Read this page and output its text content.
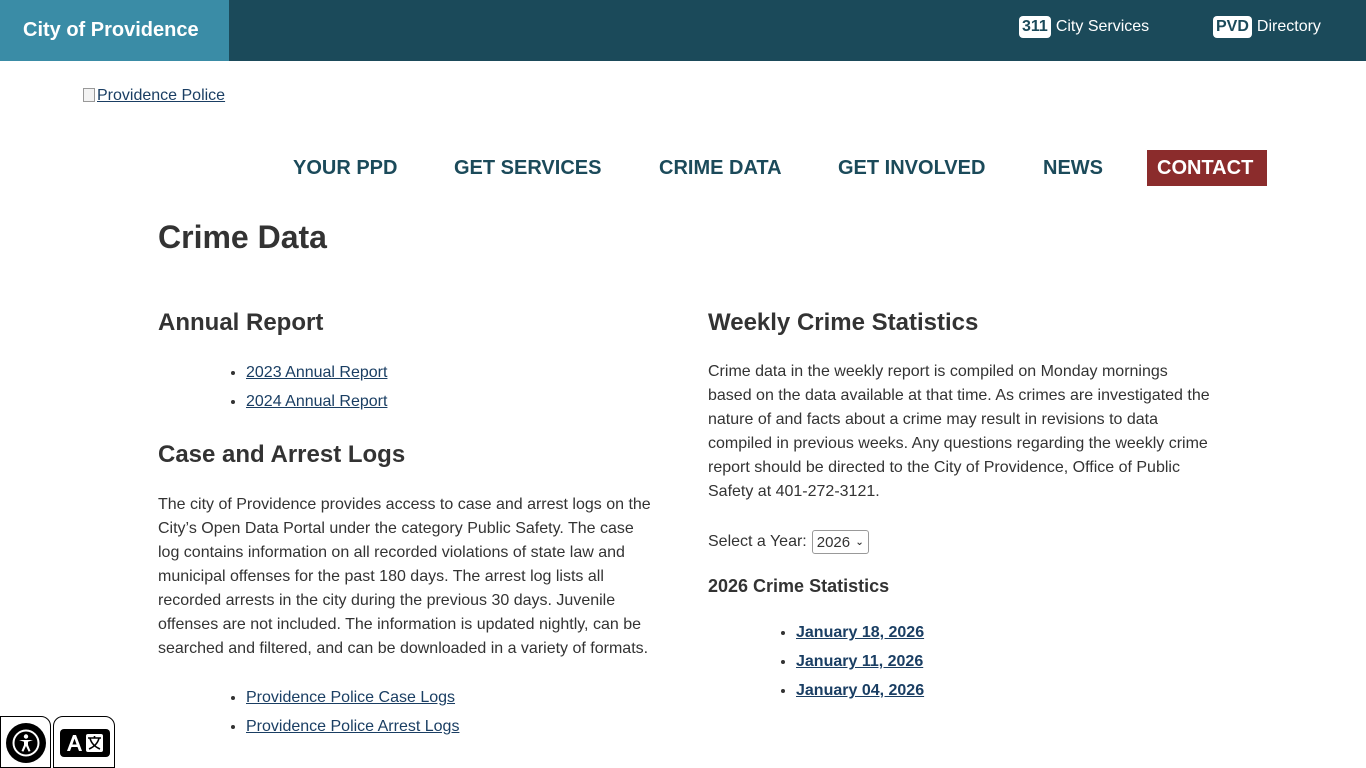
City of Providence	311 City Services	PVD Directory
Providence Police
YOUR PPD	GET SERVICES	CRIME DATA	GET INVOLVED	NEWS	CONTACT
Crime Data
Annual Report
• 2023 Annual Report
• 2024 Annual Report
Case and Arrest Logs

The city of Providence provides access to case and arrest logs on the City’s Open Data Portal under the category Public Safety. The case log contains information on all recorded violations of state law and municipal offenses for the past 180 days. The arrest log lists all recorded arrests in the city during the previous 30 days. Juvenile offenses are not included. The information is updated nightly, can be searched and filtered, and can be downloaded in a variety of formats.

• Providence Police Case Logs
• Providence Police Arrest Logs
Weekly Crime Statistics

Crime data in the weekly report is compiled on Monday mornings based on the data available at that time. As crimes are investigated the nature of and facts about a crime may result in revisions to data compiled in previous weeks. Any questions regarding the weekly crime report should be directed to the City of Providence, Office of Public Safety at 401-272-3121.

Select a Year: 2026 ⌄
2026 Crime Statistics
• January 18, 2026
• January 11, 2026
• January 04, 2026
